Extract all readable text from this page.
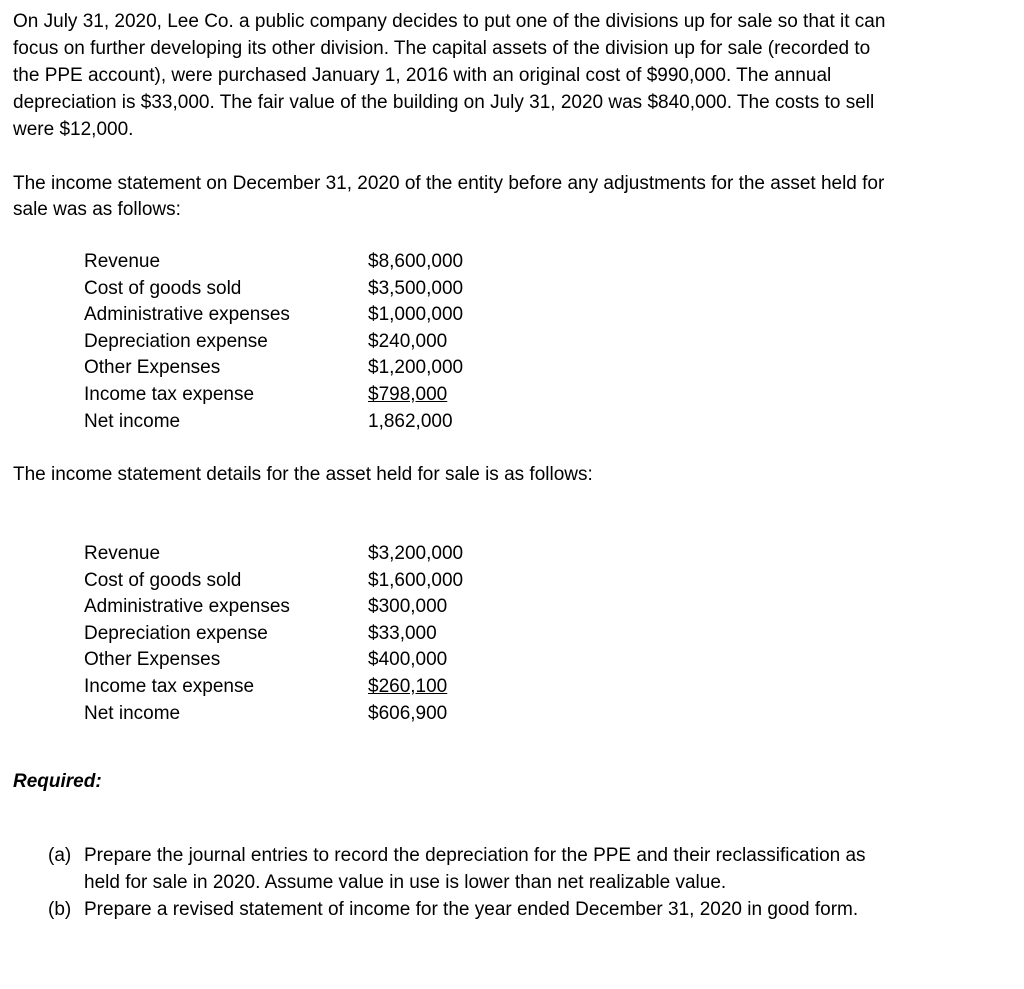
On July 31, 2020, Lee Co. a public company decides to put one of the divisions up for sale so that it can
focus on further developing its other division. The capital assets of the division up for sale (recorded to
the PPE account), were purchased January 1, 2016 with an original cost of $990,000. The annual
depreciation is $33,000. The fair value of the building on July 31, 2020 was $840,000. The costs to sell
were $12,000.

The income statement on December 31, 2020 of the entity before any adjustments for the asset held for
sale was as follows:

Revenue	$8,600,000
Cost of goods sold	$3,500,000
Administrative expenses	$1,000,000
Depreciation expense	$240,000
Other Expenses	$1,200,000
Income tax expense	$798,000
Net income	1,862,000

The income statement details for the asset held for sale is as follows:

Revenue	$3,200,000
Cost of goods sold	$1,600,000
Administrative expenses	$300,000
Depreciation expense	$33,000
Other Expenses	$400,000
Income tax expense	$260,100
Net income	$606,900

Required:

(a) Prepare the journal entries to record the depreciation for the PPE and their reclassification as
held for sale in 2020. Assume value in use is lower than net realizable value.
(b) Prepare a revised statement of income for the year ended December 31, 2020 in good form.
